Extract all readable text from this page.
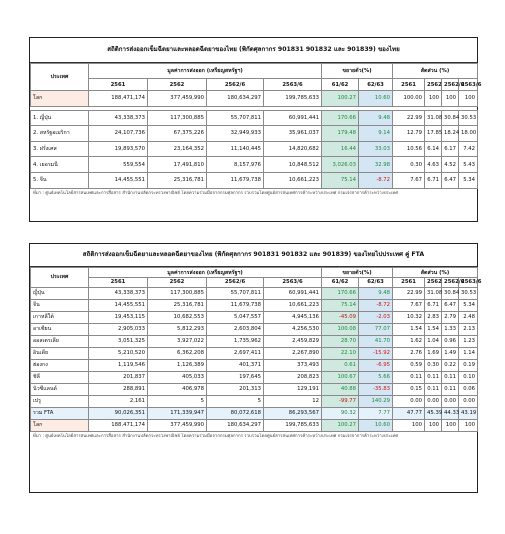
สถิติการส่งออกเข็มฉีดยาและหลอดฉีดยาของไทย (พิกัดศุลกากร 901831 901832 และ 901839) ของไทย
ประเทศ	มูลค่าการส่งออก (เหรียญสหรัฐฯ)				ขยายตัว(%)		สัดส่วน (%)			
	2561	2562	2562/6	2563/6	61/62	62/63	2561	2562	2562/6	2563/6
โลก	188,471,174	377,459,990	180,634,297	199,785,633	100.27	10.60	100.00	100	100	100

1. ญี่ปุ่น	43,338,373	117,300,885	55,707,811	60,991,441	170.66	9.48	22.99	31.08	30.84	30.53
2. สหรัฐอเมริกา	24,107,736	67,375,226	32,949,933	35,961,037	179.48	9.14	12.79	17.85	18.24	18.00
3. ฝรั่งเศส	19,893,570	23,164,352	11,140,445	14,820,682	16.44	33.03	10.56	6.14	6.17	7.42
4. เยอรมนี	559,554	17,491,810	8,157,976	10,848,512	3,026.03	32.98	0.30	4.63	4.52	5.43
5. จีน	14,455,551	25,316,781	11,679,738	10,661,223	75.14	-8.72	7.67	6.71	6.47	5.34
ที่มา : ศูนย์เทคโนโลยีสารสนเทศและการสื่อสาร สำนักงานปลัดกระทรวงพาณิชย์ โดยความร่วมมือจากกรมศุลกากร รวบรวมโดยศูนย์สารสนเทศการค้าระหว่างประเทศ กรมเจรจาการค้าระหว่างประเทศ
สถิติการส่งออกเข็มฉีดยาและหลอดฉีดยาของไทย (พิกัดศุลกากร 901831 901832 และ 901839) ของไทยไปประเทศ คู่ FTA
ประเทศ	มูลค่าการส่งออก (เหรียญสหรัฐฯ)				ขยายตัว(%)		สัดส่วน (%)			
	2561	2562	2562/6	2563/6	61/62	62/63	2561	2562	2562/6	2563/6
ญี่ปุ่น	43,338,373	117,300,885	55,707,811	60,991,441	170.66	9.48	22.99	31.08	30.84	30.53
จีน	14,455,551	25,316,781	11,679,738	10,661,223	75.14	-8.72	7.67	6.71	6.47	5.34
เกาหลีใต้	19,453,115	10,682,553	5,047,557	4,945,136	-45.09	-2.03	10.32	2.83	2.79	2.48
อาเซียน	2,905,033	5,812,293	2,603,804	4,256,530	100.08	77.07	1.54	1.54	1.33	2.13
ออสเตรเลีย	3,051,325	3,927,022	1,735,962	2,459,829	28.70	41.70	1.62	1.04	0.96	1.23
อินเดีย	5,210,520	6,362,208	2,697,411	2,267,890	22.10	-15.92	2.76	1.69	1.49	1.14
ฮ่องกง	1,119,546	1,126,389	401,371	373,493	0.61	-6.95	0.59	0.30	0.22	0.19
ชิลี	201,837	405,033	197,645	208,823	100.67	5.66	0.11	0.11	0.11	0.10
นิวซีแลนด์	288,891	406,978	201,313	129,191	40.88	-35.83	0.15	0.11	0.11	0.06
เปรู	2,161	5	5	12	-99.77	140.29	0.00	0.00	0.00	0.00
รวม FTA	90,026,351	171,339,947	80,072,618	86,293,567	90.32	7.77	47.77	45.39	44.33	43.19
โลก	188,471,174	377,459,990	180,634,297	199,785,633	100.27	10.60	100	100	100	100
ที่มา : ศูนย์เทคโนโลยีสารสนเทศและการสื่อสาร สำนักงานปลัดกระทรวงพาณิชย์ โดยความร่วมมือจากกรมศุลกากร รวบรวมโดยศูนย์สารสนเทศการค้าระหว่างประเทศ กรมเจรจาการค้าระหว่างประเทศ
